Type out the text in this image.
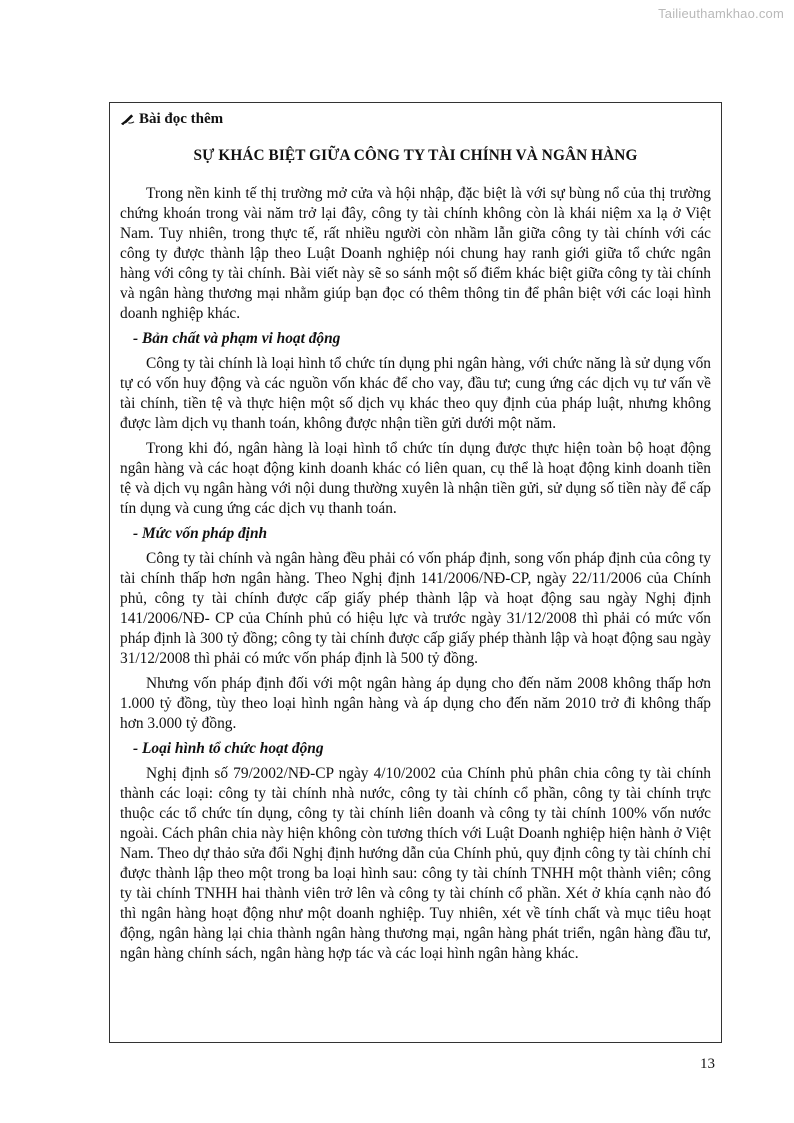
Tailieuthamkhao.com
Bài đọc thêm
SỰ KHÁC BIỆT GIỮA CÔNG TY TÀI CHÍNH VÀ NGÂN HÀNG

Trong nền kinh tế thị trường mở cửa và hội nhập, đặc biệt là với sự bùng nổ của thị trường chứng khoán trong vài năm trở lại đây, công ty tài chính không còn là khái niệm xa lạ ở Việt Nam. Tuy nhiên, trong thực tế, rất nhiều người còn nhầm lẫn giữa công ty tài chính với các công ty được thành lập theo Luật Doanh nghiệp nói chung hay ranh giới giữa tổ chức ngân hàng với công ty tài chính. Bài viết này sẽ so sánh một số điểm khác biệt giữa công ty tài chính và ngân hàng thương mại nhằm giúp bạn đọc có thêm thông tin để phân biệt với các loại hình doanh nghiệp khác.

- Bản chất và phạm vi hoạt động

Công ty tài chính là loại hình tổ chức tín dụng phi ngân hàng, với chức năng là sử dụng vốn tự có vốn huy động và các nguồn vốn khác để cho vay, đầu tư; cung ứng các dịch vụ tư vấn về tài chính, tiền tệ và thực hiện một số dịch vụ khác theo quy định của pháp luật, nhưng không được làm dịch vụ thanh toán, không được nhận tiền gửi dưới một năm.

Trong khi đó, ngân hàng là loại hình tổ chức tín dụng được thực hiện toàn bộ hoạt động ngân hàng và các hoạt động kinh doanh khác có liên quan, cụ thể là hoạt động kinh doanh tiền tệ và dịch vụ ngân hàng với nội dung thường xuyên là nhận tiền gửi, sử dụng số tiền này để cấp tín dụng và cung ứng các dịch vụ thanh toán.

- Mức vốn pháp định

Công ty tài chính và ngân hàng đều phải có vốn pháp định, song vốn pháp định của công ty tài chính thấp hơn ngân hàng. Theo Nghị định 141/2006/NĐ-CP, ngày 22/11/2006 của Chính phủ, công ty tài chính được cấp giấy phép thành lập và hoạt động sau ngày Nghị định 141/2006/NĐ- CP của Chính phủ có hiệu lực và trước ngày 31/12/2008 thì phải có mức vốn pháp định là 300 tỷ đồng; công ty tài chính được cấp giấy phép thành lập và hoạt động sau ngày 31/12/2008 thì phải có mức vốn pháp định là 500 tỷ đồng.

Nhưng vốn pháp định đối với một ngân hàng áp dụng cho đến năm 2008 không thấp hơn 1.000 tỷ đồng, tùy theo loại hình ngân hàng và áp dụng cho đến năm 2010 trở đi không thấp hơn 3.000 tỷ đồng.

- Loại hình tổ chức hoạt động

Nghị định số 79/2002/NĐ-CP ngày 4/10/2002 của Chính phủ phân chia công ty tài chính thành các loại: công ty tài chính nhà nước, công ty tài chính cổ phần, công ty tài chính trực thuộc các tổ chức tín dụng, công ty tài chính liên doanh và công ty tài chính 100% vốn nước ngoài. Cách phân chia này hiện không còn tương thích với Luật Doanh nghiệp hiện hành ở Việt Nam. Theo dự thảo sửa đổi Nghị định hướng dẫn của Chính phủ, quy định công ty tài chính chỉ được thành lập theo một trong ba loại hình sau: công ty tài chính TNHH một thành viên; công ty tài chính TNHH hai thành viên trở lên và công ty tài chính cổ phần. Xét ở khía cạnh nào đó thì ngân hàng hoạt động như một doanh nghiệp. Tuy nhiên, xét về tính chất và mục tiêu hoạt động, ngân hàng lại chia thành ngân hàng thương mại, ngân hàng phát triển, ngân hàng đầu tư, ngân hàng chính sách, ngân hàng hợp tác và các loại hình ngân hàng khác.

13
